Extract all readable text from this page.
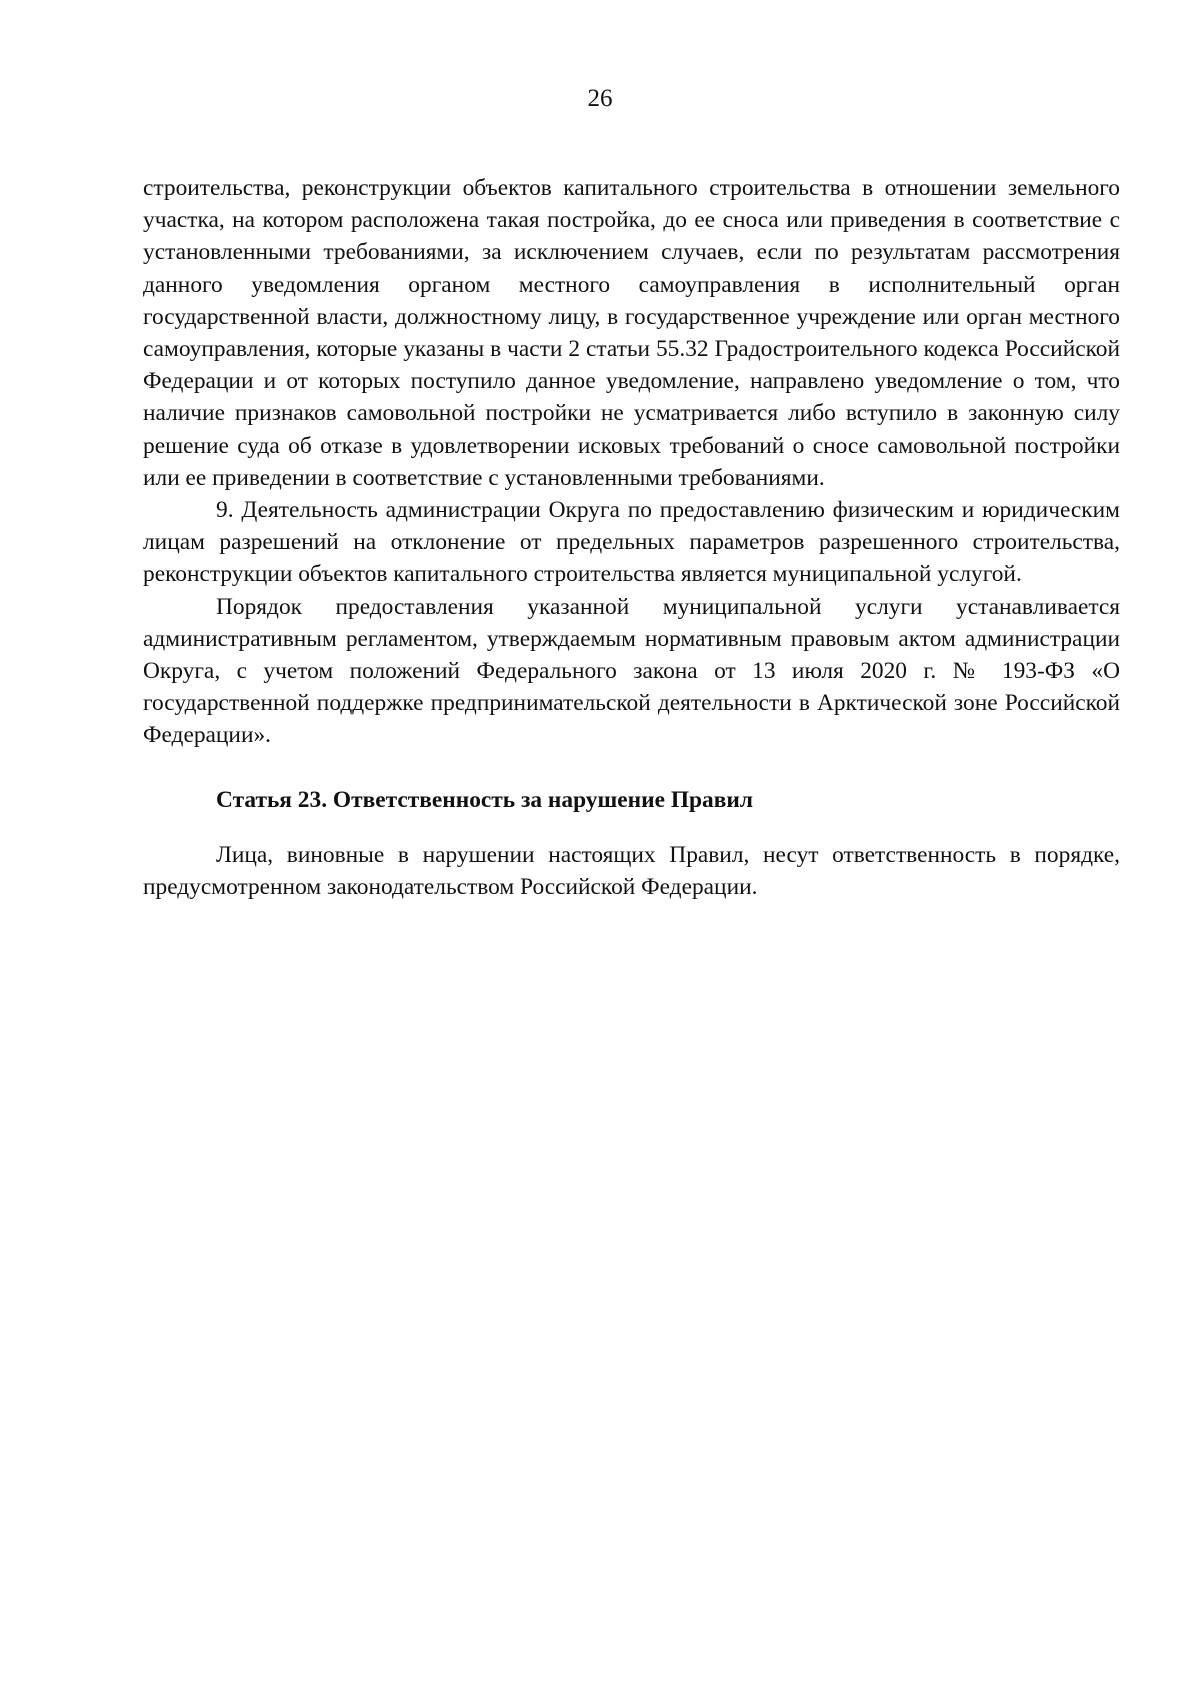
26

строительства, реконструкции объектов капитального строительства в отношении земельного участка, на котором расположена такая постройка, до ее сноса или приведения в соответствие с установленными требованиями, за исключением случаев, если по результатам рассмотрения данного уведомления органом местного самоуправления в исполнительный орган государственной власти, должностному лицу, в государственное учреждение или орган местного самоуправления, которые указаны в части 2 статьи 55.32 Градостроительного кодекса Российской Федерации и от которых поступило данное уведомление, направлено уведомление о том, что наличие признаков самовольной постройки не усматривается либо вступило в законную силу решение суда об отказе в удовлетворении исковых требований о сносе самовольной постройки или ее приведении в соответствие с установленными требованиями.

9. Деятельность администрации Округа по предоставлению физическим и юридическим лицам разрешений на отклонение от предельных параметров разрешенного строительства, реконструкции объектов капитального строительства является муниципальной услугой.

Порядок предоставления указанной муниципальной услуги устанавливается административным регламентом, утверждаемым нормативным правовым актом администрации Округа, с учетом положений Федерального закона от 13 июля 2020 г. № 193-ФЗ «О государственной поддержке предпринимательской деятельности в Арктической зоне Российской Федерации».

Статья 23. Ответственность за нарушение Правил

Лица, виновные в нарушении настоящих Правил, несут ответственность в порядке, предусмотренном законодательством Российской Федерации.
